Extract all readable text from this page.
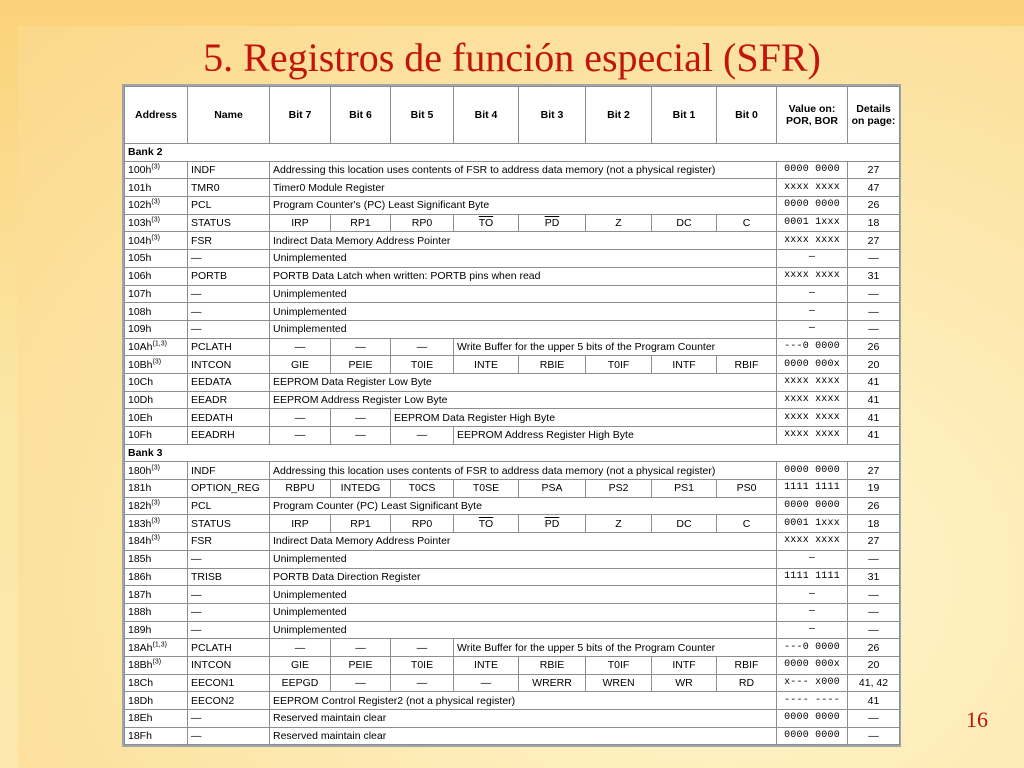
5. Registros de función especial (SFR)
Address	Name	Bit 7	Bit 6	Bit 5	Bit 4	Bit 3	Bit 2	Bit 1	Bit 0	Value on: POR, BOR	Details on page:
Bank 2											
$100h^{(3)}$	INDF	Addressing this location uses contents of FSR to address data memory (not a physical register)								0000 0000	27
101h	TMR0	Timer0 Module Register								xxxx xxxx	47
$102h^{(3)}$	PCL	Program Counter's (PC) Least Significant Byte								0000 0000	26
$103h^{(3)}$	STATUS	IRP	RP1	RP0	$\overline{TO}$	$\overline{PD}$	Z	DC	C	0001 1xxx	18
$104h^{(3)}$	FSR	Indirect Data Memory Address Pointer								xxxx xxxx	27
105h	—	Unimplemented								—	—
106h	PORTB	PORTB Data Latch when written: PORTB pins when read								xxxx xxxx	31
107h	—	Unimplemented								—	—
108h	—	Unimplemented								—	—
109h	—	Unimplemented								—	—
10Ah$^{(1,3)}$	PCLATH	—	—	—	Write Buffer for the upper 5 bits of the Program Counter					---0 0000	26
10Bh$^{(3)}$	INTCON	GIE	PEIE	T0IE	INTE	RBIE	T0IF	INTF	RBIF	0000 000x	20
10Ch	EEDATA	EEPROM Data Register Low Byte								xxxx xxxx	41
10Dh	EEADR	EEPROM Address Register Low Byte								xxxx xxxx	41
10Eh	EEDATH	—	—	EEPROM Data Register High Byte						xxxx xxxx	41
10Fh	EEADRH	—	—	—	EEPROM Address Register High Byte					xxxx xxxx	41
Bank 3											
$180h^{(3)}$	INDF	Addressing this location uses contents of FSR to address data memory (not a physical register)								0000 0000	27
181h	OPTION_REG	RBPU	INTEDG	T0CS	T0SE	PSA	PS2	PS1	PS0	1111 1111	19
$182h^{(3)}$	PCL	Program Counter (PC) Least Significant Byte								0000 0000	26
$183h^{(3)}$	STATUS	IRP	RP1	RP0	$\overline{TO}$	$\overline{PD}$	Z	DC	C	0001 1xxx	18
$184h^{(3)}$	FSR	Indirect Data Memory Address Pointer								xxxx xxxx	27
185h	—	Unimplemented								—	—
186h	TRISB	PORTB Data Direction Register								1111 1111	31
187h	—	Unimplemented								—	—
188h	—	Unimplemented								—	—
189h	—	Unimplemented								—	—
18Ah$^{(1,3)}$	PCLATH	—	—	—	Write Buffer for the upper 5 bits of the Program Counter					---0 0000	26
18Bh$^{(3)}$	INTCON	GIE	PEIE	T0IE	INTE	RBIE	T0IF	INTF	RBIF	0000 000x	20
18Ch	EECON1	EEPGD	—	—	—	WRERR	WREN	WR	RD	x--- x000	41, 42
18Dh	EECON2	EEPROM Control Register2 (not a physical register)								---- ----	41
18Eh	—	Reserved maintain clear								0000 0000	—
18Fh	—	Reserved maintain clear								0000 0000	—
16
